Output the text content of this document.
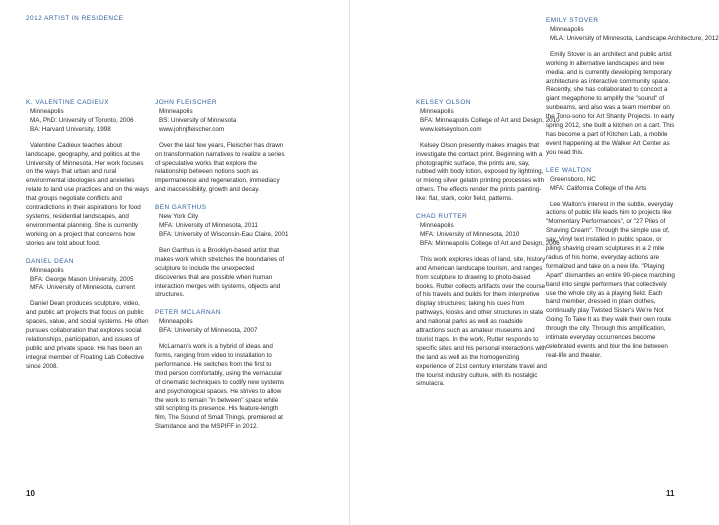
2012 ARTIST IN RESIDENCE
K. VALENTINE CADIEUX
Minneapolis
MA, PhD: University of Toronto, 2006
BA: Harvard University, 1998

Valentine Cadieux teaches about landscape, geography, and politics at the University of Minnesota. Her work focuses on the ways that urban and rural environmental ideologies and anxieties relate to land use practices and on the ways that groups negotiate conflicts and contradictions in their aspirations for food systems, residential landscapes, and environmental planning. She is currently working on a project that concerns how stories are told about food.

DANIEL DEAN
Minneapolis
BFA: George Mason University, 2005
MFA: University of Minnesota, current

Daniel Dean produces sculpture, video, and public art projects that focus on public spaces, value, and social systems. He often pursues collaboration that explores social relationships, participation, and issues of public and private space. He has been an integral member of Floating Lab Collective since 2008.

JOHN FLEISCHER
Minneapolis
BS: University of Minnesota
www.johnjfleischer.com

Over the last few years, Fleischer has drawn on transformation narratives to realize a series of speculative works that explore the relationship between notions such as impermanence and regeneration, immediacy and inaccessibility, growth and decay.

BEN GARTHUS
New York City
MFA: University of Minnesota, 2011
BFA: University of Wisconsin-Eau Claire, 2001

Ben Garthus is a Brooklyn-based artist that makes work which stretches the boundaries of sculpture to include the unexpected discoveries that are possible when human interaction merges with systems, objects and structures.

PETER MCLARNAN
Minneapolis
BFA: University of Minnesota, 2007

McLarnan's work is a hybrid of ideas and forms, ranging from video to installation to performance. He switches from the first to third person comfortably, using the vernacular of cinematic techniques to codify new systems and psychological spaces. He strives to allow the work to remain "in between" space while still scripting its presence. His feature-length film, The Sound of Small Things, premiered at Slamdance and the MSPIFF in 2012.

10
KELSEY OLSON
Minneapolis
BFA: Minneapolis College of Art and Design, 2010
www.kelseyolson.com

Kelsey Olson presently makes images that investigate the contact print. Beginning with a photographic surface, the prints are, say, rubbed with body lotion, exposed by lightning, or mixing silver gelatin printing processes with others. The effects render the prints painting-like: flat, stark, color field, patterns.

CHAD RUTTER
Minneapolis
MFA: University of Minnesota, 2010
BFA: Minneapolis College of Art and Design, 2006

This work explores ideas of land, site, history and American landscape tourism, and ranges from sculpture to drawing to photo-based books. Rutter collects artifacts over the course of his travels and builds for them interpretive display structures; taking his cues from pathways, kiosks and other structures in state and national parks as well as roadside attractions such as amateur museums and tourist traps. In the work, Rutter responds to specific sites and his personal interactions with the land as well as the homogenizing experience of 21st century interstate travel and the tourist industry culture, with its nostalgic simulacra.

EMILY STOVER
Minneapolis
MLA: University of Minnesota, Landscape Architecture, 2012

Emily Stover is an architect and public artist working in alternative landscapes and new media, and is currently developing temporary architecture as interactive community space. Recently, she has collaborated to concoct a giant megaphone to amplify the "sound" of sunbeams, and also was a team member on the Tono-sono for Art Shanty Projects. In early spring 2012, she built a kitchen on a cart. This has become a part of Kitchen Lab, a mobile event happening at the Walker Art Center as you read this.

LEE WALTON
Greensboro, NC
MFA: California College of the Arts

Lee Walton's interest in the subtle, everyday actions of public life leads him to projects like "Momentary Performances", or "27 Piles of Shaving Cream". Through the simple use of, say, Vinyl text installed in public space, or piling shaving cream sculptures in a 2 mile radius of his home, everyday actions are formalized and take on a new life. "Playing Apart" dismantles an entire 90-piece marching band into single performers that collectively use the whole city as a playing field. Each band member, dressed in plain clothes, continually play Twisted Sister's We're Not Going To Take It as they walk their own route through the city. Through this amplification, intimate everyday occurrences become celebrated events and blur the line between real-life and theater.

11
